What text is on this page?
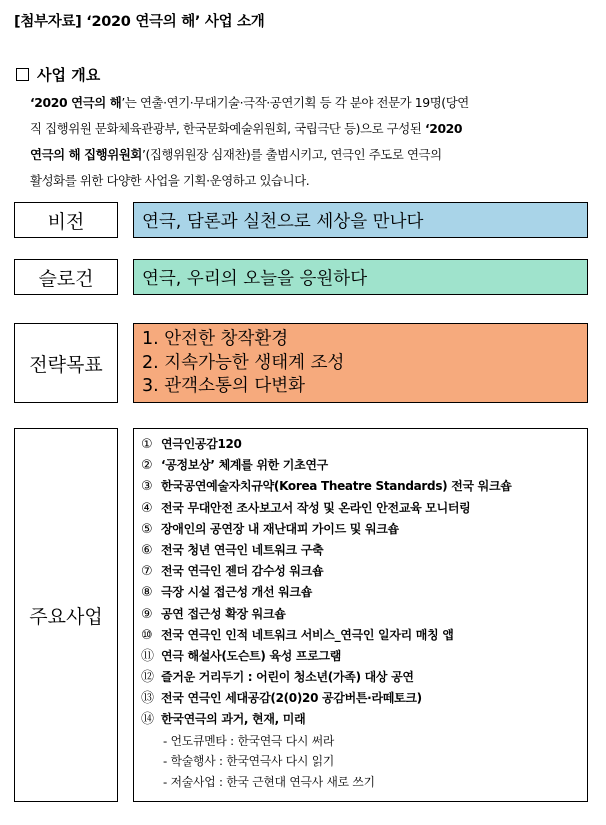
[첨부자료] ‘2020 연극의 해’ 사업 소개
사업 개요
‘2020 연극의 해’는 연출·연기·무대기술·극작·공연기획 등 각 분야 전문가 19명(당연
직 집행위원 문화체육관광부, 한국문화예술위원회, 국립극단 등)으로 구성된 ‘2020
연극의 해 집행위원회’(집행위원장 심재찬)를 출범시키고, 연극인 주도로 연극의
활성화를 위한 다양한 사업을 기획·운영하고 있습니다.
비전	연극, 담론과 실천으로 세상을 만나다
슬로건	연극, 우리의 오늘을 응원하다
전략목표
1. 안전한 창작환경
2. 지속가능한 생태계 조성
3. 관객소통의 다변화
주요사업
① 연극인공감120
② ‘공정보상’ 체계를 위한 기초연구
③ 한국공연예술자치규약(Korea Theatre Standards) 전국 워크숍
④ 전국 무대안전 조사보고서 작성 및 온라인 안전교육 모니터링
⑤ 장애인의 공연장 내 재난대피 가이드 및 워크숍
⑥ 전국 청년 연극인 네트워크 구축
⑦ 전국 연극인 젠더 감수성 워크숍
⑧ 극장 시설 접근성 개선 워크숍
⑨ 공연 접근성 확장 워크숍
⑩ 전국 연극인 인적 네트워크 서비스_연극인 일자리 매칭 앱
⑪ 연극 해설사(도슨트) 육성 프로그램
⑫ 즐거운 거리두기 : 어린이 청소년(가족) 대상 공연
⑬ 전국 연극인 세대공감(2(0)20 공감버튼·라떼토크)
⑭ 한국연극의 과거, 현재, 미래
- 언도큐멘타 : 한국연극 다시 써라
- 학술행사 : 한국연극사 다시 읽기
- 저술사업 : 한국 근현대 연극사 새로 쓰기
